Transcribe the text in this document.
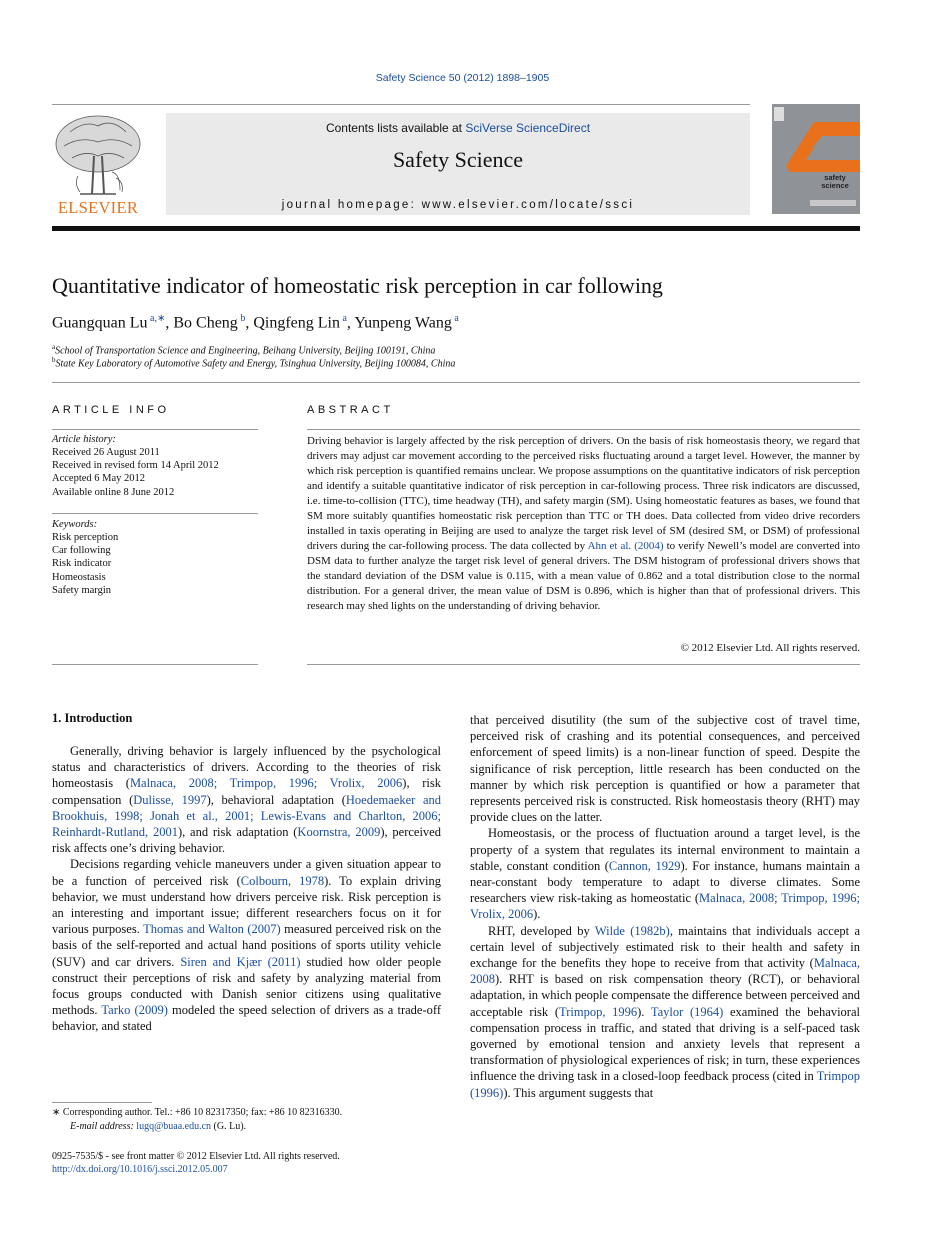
Safety Science 50 (2012) 1898–1905
ELSEVIER
Contents lists available at SciVerse ScienceDirect
Safety Science
journal homepage: www.elsevier.com/locate/ssci
safety science
Quantitative indicator of homeostatic risk perception in car following
Guangquan Lu $^{a,∗}$, Bo Cheng $^b$, Qingfeng Lin $^a$, Yunpeng Wang $^a$
$^a$School of Transportation Science and Engineering, Beihang University, Beijing 100191, China
$^b$State Key Laboratory of Automotive Safety and Energy, Tsinghua University, Beijing 100084, China
ARTICLE INFO
Article history:
Received 26 August 2011
Received in revised form 14 April 2012
Accepted 6 May 2012
Available online 8 June 2012
Keywords:
Risk perception
Car following
Risk indicator
Homeostasis
Safety margin
ABSTRACT
Driving behavior is largely affected by the risk perception of drivers. On the basis of risk homeostasis theory, we regard that drivers may adjust car movement according to the perceived risks fluctuating around a target level. However, the manner by which risk perception is quantified remains unclear. We propose assumptions on the quantitative indicators of risk perception and identify a suitable quantitative indicator of risk perception in car-following process. Three risk indicators are discussed, i.e. time-to-collision (TTC), time headway (TH), and safety margin (SM). Using homeostatic features as bases, we found that SM more suitably quantifies homeostatic risk perception than TTC or TH does. Data collected from video drive recorders installed in taxis operating in Beijing are used to analyze the target risk level of SM (desired SM, or DSM) of professional drivers during the car-following process. The data collected by Ahn et al. (2004) to verify Newell’s model are converted into DSM data to further analyze the target risk level of general drivers. The DSM histogram of professional drivers shows that the standard deviation of the DSM value is 0.115, with a mean value of 0.862 and a total distribution close to the normal distribution. For a general driver, the mean value of DSM is 0.896, which is higher than that of professional drivers. This research may shed lights on the understanding of driving behavior.
© 2012 Elsevier Ltd. All rights reserved.
1. Introduction

Generally, driving behavior is largely influenced by the psychological status and characteristics of drivers. According to the theories of risk homeostasis (Malnaca, 2008; Trimpop, 1996; Vrolix, 2006), risk compensation (Dulisse, 1997), behavioral adaptation (Hoedemaeker and Brookhuis, 1998; Jonah et al., 2001; Lewis-Evans and Charlton, 2006; Reinhardt-Rutland, 2001), and risk adaptation (Koornstra, 2009), perceived risk affects one’s driving behavior.

Decisions regarding vehicle maneuvers under a given situation appear to be a function of perceived risk (Colbourn, 1978). To explain driving behavior, we must understand how drivers perceive risk. Risk perception is an interesting and important issue; different researchers focus on it for various purposes. Thomas and Walton (2007) measured perceived risk on the basis of the self-reported and actual hand positions of sports utility vehicle (SUV) and car drivers. Siren and Kjær (2011) studied how older people construct their perceptions of risk and safety by analyzing material from focus groups conducted with Danish senior citizens using qualitative methods. Tarko (2009) modeled the speed selection of drivers as a trade-off behavior, and stated

that perceived disutility (the sum of the subjective cost of travel time, perceived risk of crashing and its potential consequences, and perceived enforcement of speed limits) is a non-linear function of speed. Despite the significance of risk perception, little research has been conducted on the manner by which risk perception is quantified or how a parameter that represents perceived risk is constructed. Risk homeostasis theory (RHT) may provide clues on the latter.

Homeostasis, or the process of fluctuation around a target level, is the property of a system that regulates its internal environment to maintain a stable, constant condition (Cannon, 1929). For instance, humans maintain a near-constant body temperature to adapt to diverse climates. Some researchers view risk-taking as homeostatic (Malnaca, 2008; Trimpop, 1996; Vrolix, 2006).

RHT, developed by Wilde (1982b), maintains that individuals accept a certain level of subjectively estimated risk to their health and safety in exchange for the benefits they hope to receive from that activity (Malnaca, 2008). RHT is based on risk compensation theory (RCT), or behavioral adaptation, in which people compensate the difference between perceived and acceptable risk (Trimpop, 1996). Taylor (1964) examined the behavioral compensation process in traffic, and stated that driving is a self-paced task governed by emotional tension and anxiety levels that represent a transformation of physiological experiences of risk; in turn, these experiences influence the driving task in a closed-loop feedback process (cited in Trimpop (1996)). This argument suggests that

∗ Corresponding author. Tel.: +86 10 82317350; fax: +86 10 82316330.
E-mail address: lugq@buaa.edu.cn (G. Lu).
0925-7535/$ - see front matter © 2012 Elsevier Ltd. All rights reserved.
http://dx.doi.org/10.1016/j.ssci.2012.05.007
